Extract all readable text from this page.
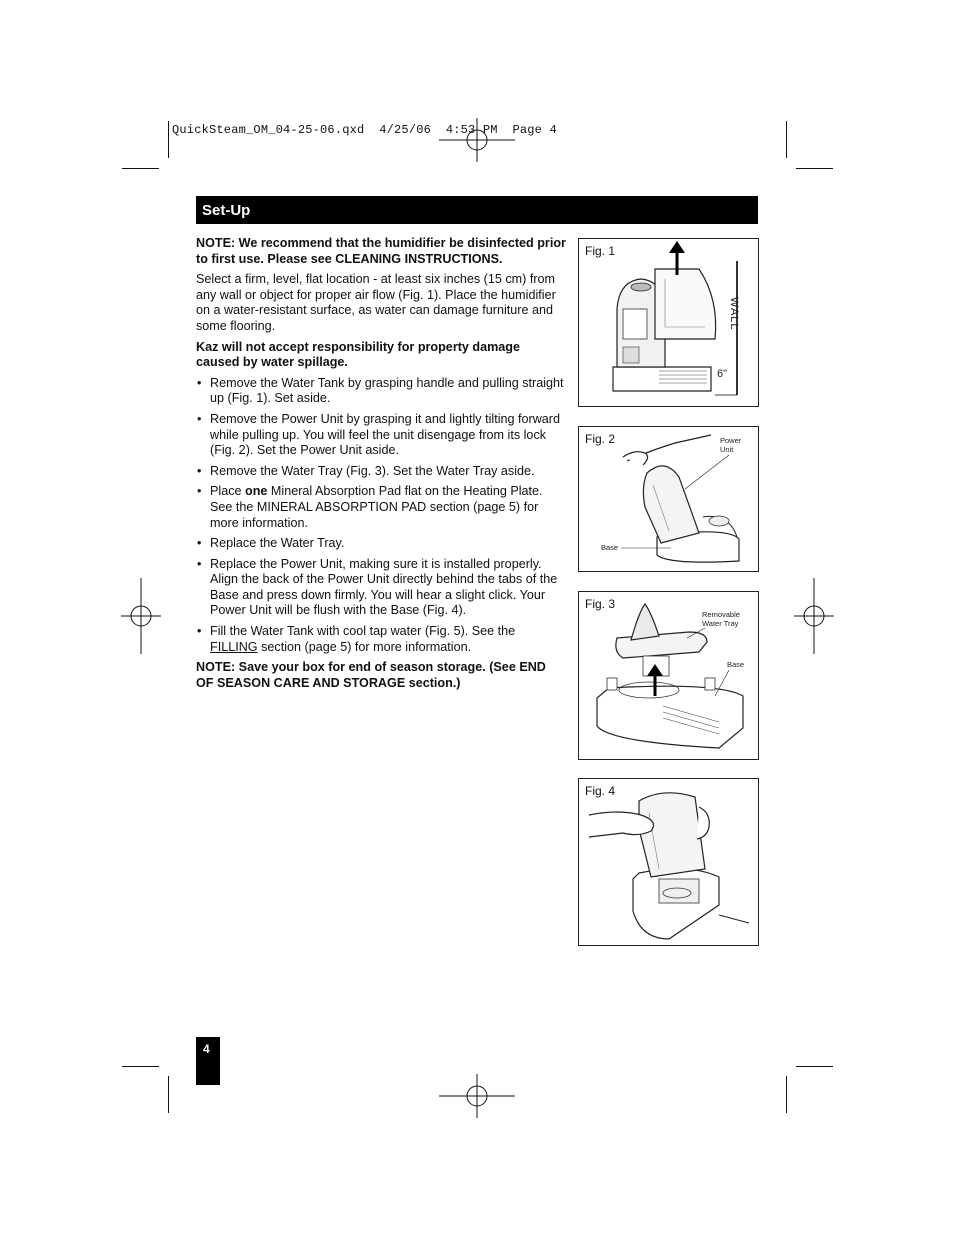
QuickSteam_OM_04-25-06.qxd  4/25/06  4:53 PM  Page 4
Set-Up

NOTE: We recommend that the humidifier be disinfected prior to first use. Please see CLEANING INSTRUCTIONS.

Select a firm, level, flat location - at least six inches (15 cm) from any wall or object for proper air flow (Fig. 1). Place the humidifier on a water-resistant surface, as water can damage furniture and some flooring.

Kaz will not accept responsibility for property damage caused by water spillage.

• Remove the Water Tank by grasping handle and pulling straight up (Fig. 1). Set aside.
• Remove the Power Unit by grasping it and lightly tilting forward while pulling up. You will feel the unit disengage from its lock (Fig. 2). Set the Power Unit aside.
• Remove the Water Tray (Fig. 3). Set the Water Tray aside.
• Place one Mineral Absorption Pad flat on the Heating Plate. See the MINERAL ABSORPTION PAD section (page 5) for more information.
• Replace the Water Tray.
• Replace the Power Unit, making sure it is installed properly. Align the back of the Power Unit directly behind the tabs of the Base and press down firmly. You will hear a slight click. Your Power Unit will be flush with the Base (Fig. 4).
• Fill the Water Tank with cool tap water (Fig. 5). See the FILLING section (page 5) for more information.

NOTE: Save your box for end of season storage. (See END OF SEASON CARE AND STORAGE section.)

Fig. 1
WALL
6"
Fig. 2	Power Unit
Base
Fig. 3
Removable Water Tray
Base
Fig. 4
4
